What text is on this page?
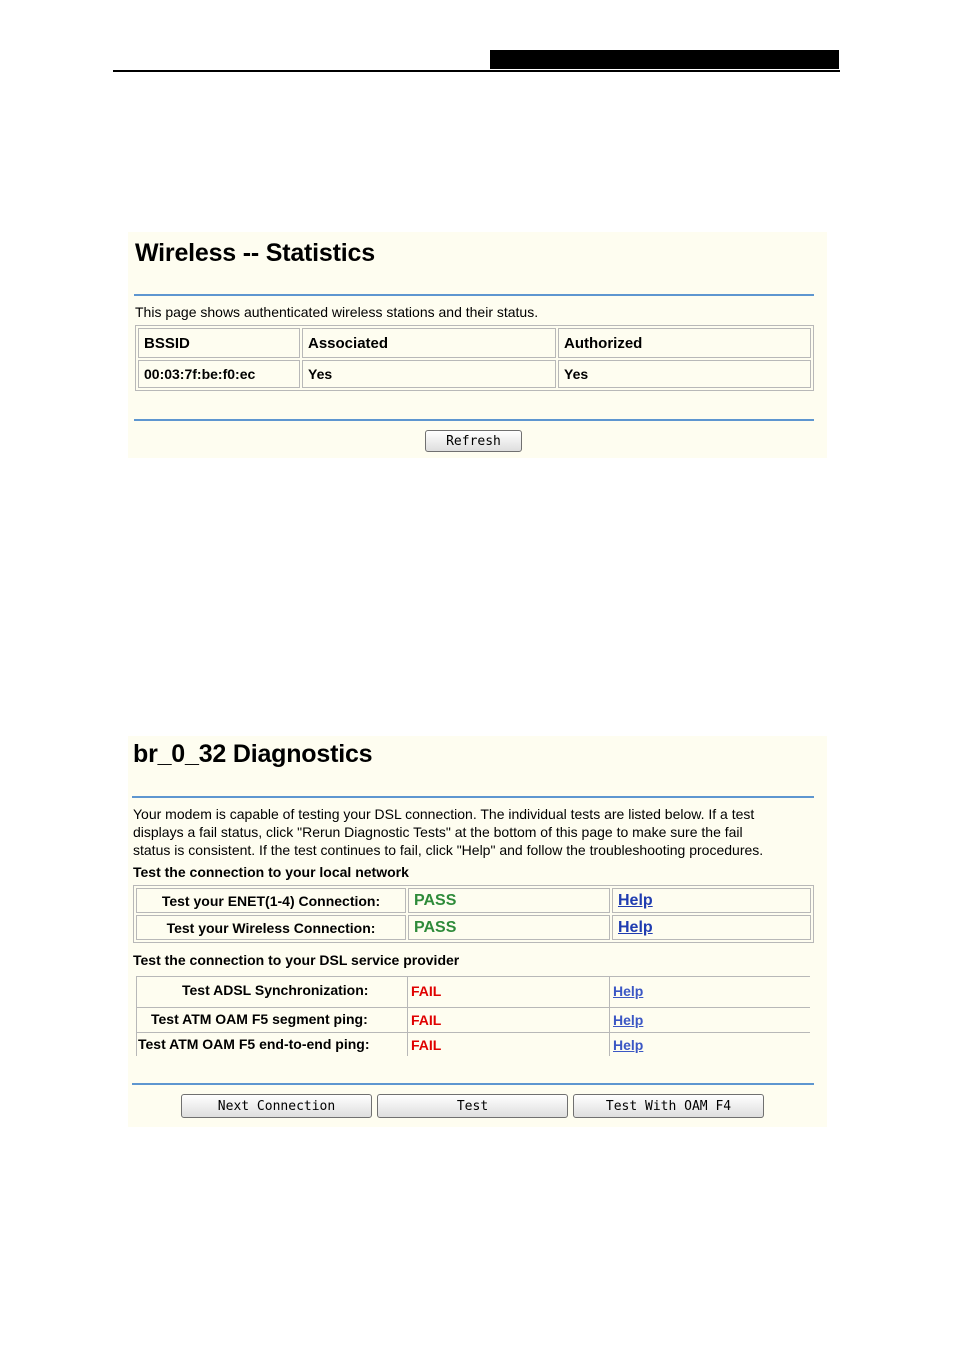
Wireless -- Statistics
This page shows authenticated wireless stations and their status.
BSSID	Associated	Authorized
00:03:7f:be:f0:ec	Yes	Yes
Refresh
br_0_32 Diagnostics
Your modem is capable of testing your DSL connection. The individual tests are listed below. If a test
displays a fail status, click "Rerun Diagnostic Tests" at the bottom of this page to make sure the fail
status is consistent. If the test continues to fail, click "Help" and follow the troubleshooting procedures.
Test the connection to your local network
Test your ENET(1-4) Connection:	PASS	Help
Test your Wireless Connection:	PASS	Help
Test the connection to your DSL service provider
Test ADSL Synchronization:	FAIL	Help
Test ATM OAM F5 segment ping:	FAIL	Help
Test ATM OAM F5 end-to-end ping:	FAIL	Help
Next Connection	Test	Test With OAM F4
